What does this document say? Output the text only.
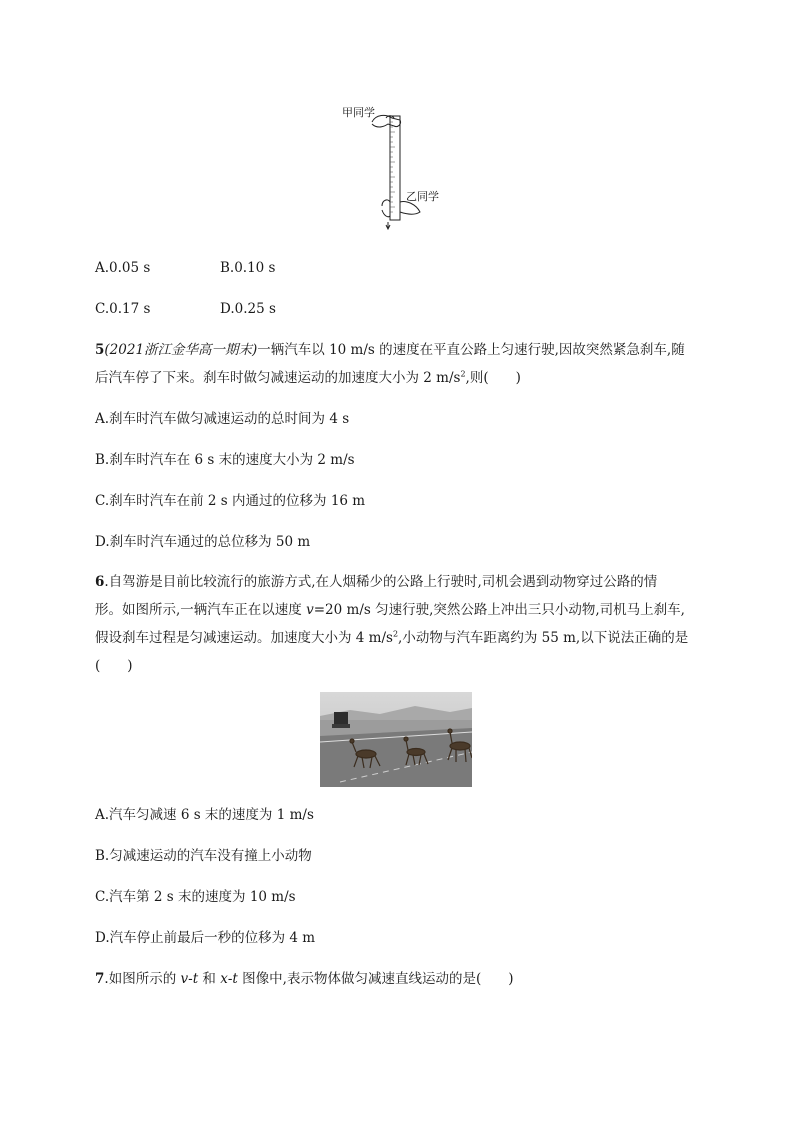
甲同学
乙同学
A.0.05 s	B.0.10 s
C.0.17 s	D.0.25 s
5(2021浙江金华高一期末)一辆汽车以 10 m/s 的速度在平直公路上匀速行驶,因故突然紧急刹车,随
后汽车停了下来。刹车时做匀减速运动的加速度大小为 2 $m/s^2$,则(　　)
A.刹车时汽车做匀减速运动的总时间为 4 s
B.刹车时汽车在 6 s 末的速度大小为 2 m/s
C.刹车时汽车在前 2 s 内通过的位移为 16 m
D.刹车时汽车通过的总位移为 50 m
6.自驾游是目前比较流行的旅游方式,在人烟稀少的公路上行驶时,司机会遇到动物穿过公路的情
形。如图所示,一辆汽车正在以速度 v=20 m/s 匀速行驶,突然公路上冲出三只小动物,司机马上刹车,
假设刹车过程是匀减速运动。加速度大小为 4 $m/s^2$,小动物与汽车距离约为 55 m,以下说法正确的是
(　　)
A.汽车匀减速 6 s 末的速度为 1 m/s
B.匀减速运动的汽车没有撞上小动物
C.汽车第 2 s 末的速度为 10 m/s
D.汽车停止前最后一秒的位移为 4 m
7.如图所示的 v-t 和 x-t 图像中,表示物体做匀减速直线运动的是(　　)
